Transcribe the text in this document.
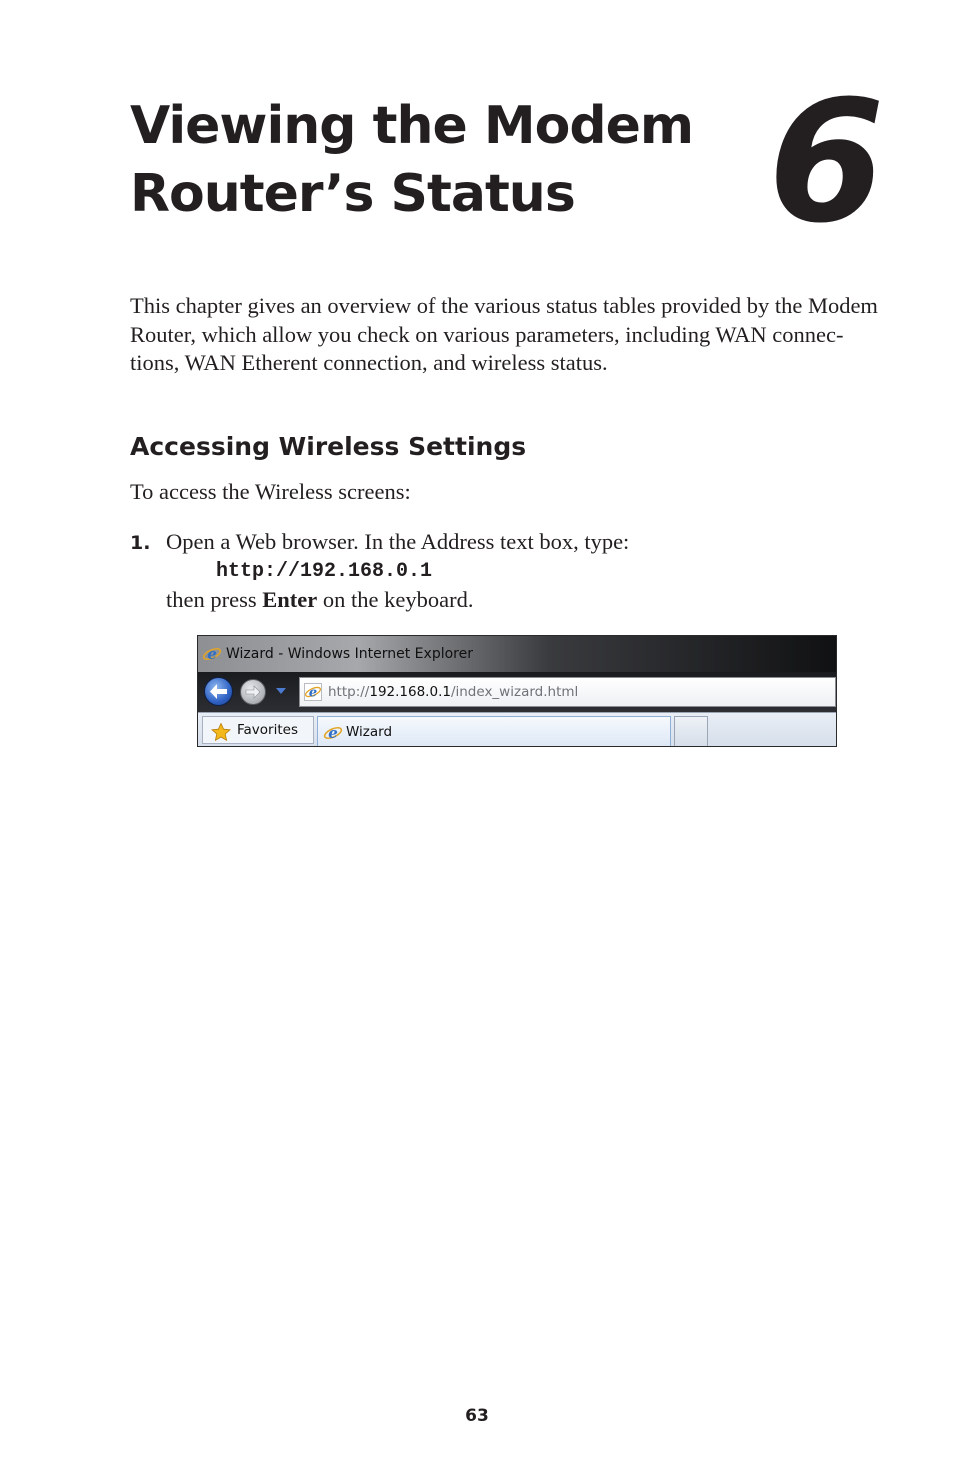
Viewing the Modem
Router’s Status	6

This chapter gives an overview of the various status tables provided by the Modem
Router, which allow you check on various parameters, including WAN connec-
tions, WAN Etherent connection, and wireless status.

Accessing Wireless Settings

To access the Wireless screens:

1. Open a Web browser. In the Address text box, type:

http://192.168.0.1

then press Enter on the keyboard.

e Wizard - Windows Internet Explorer
e http://192.168.0.1/index_wizard.html
Favorites e Wizard
63
